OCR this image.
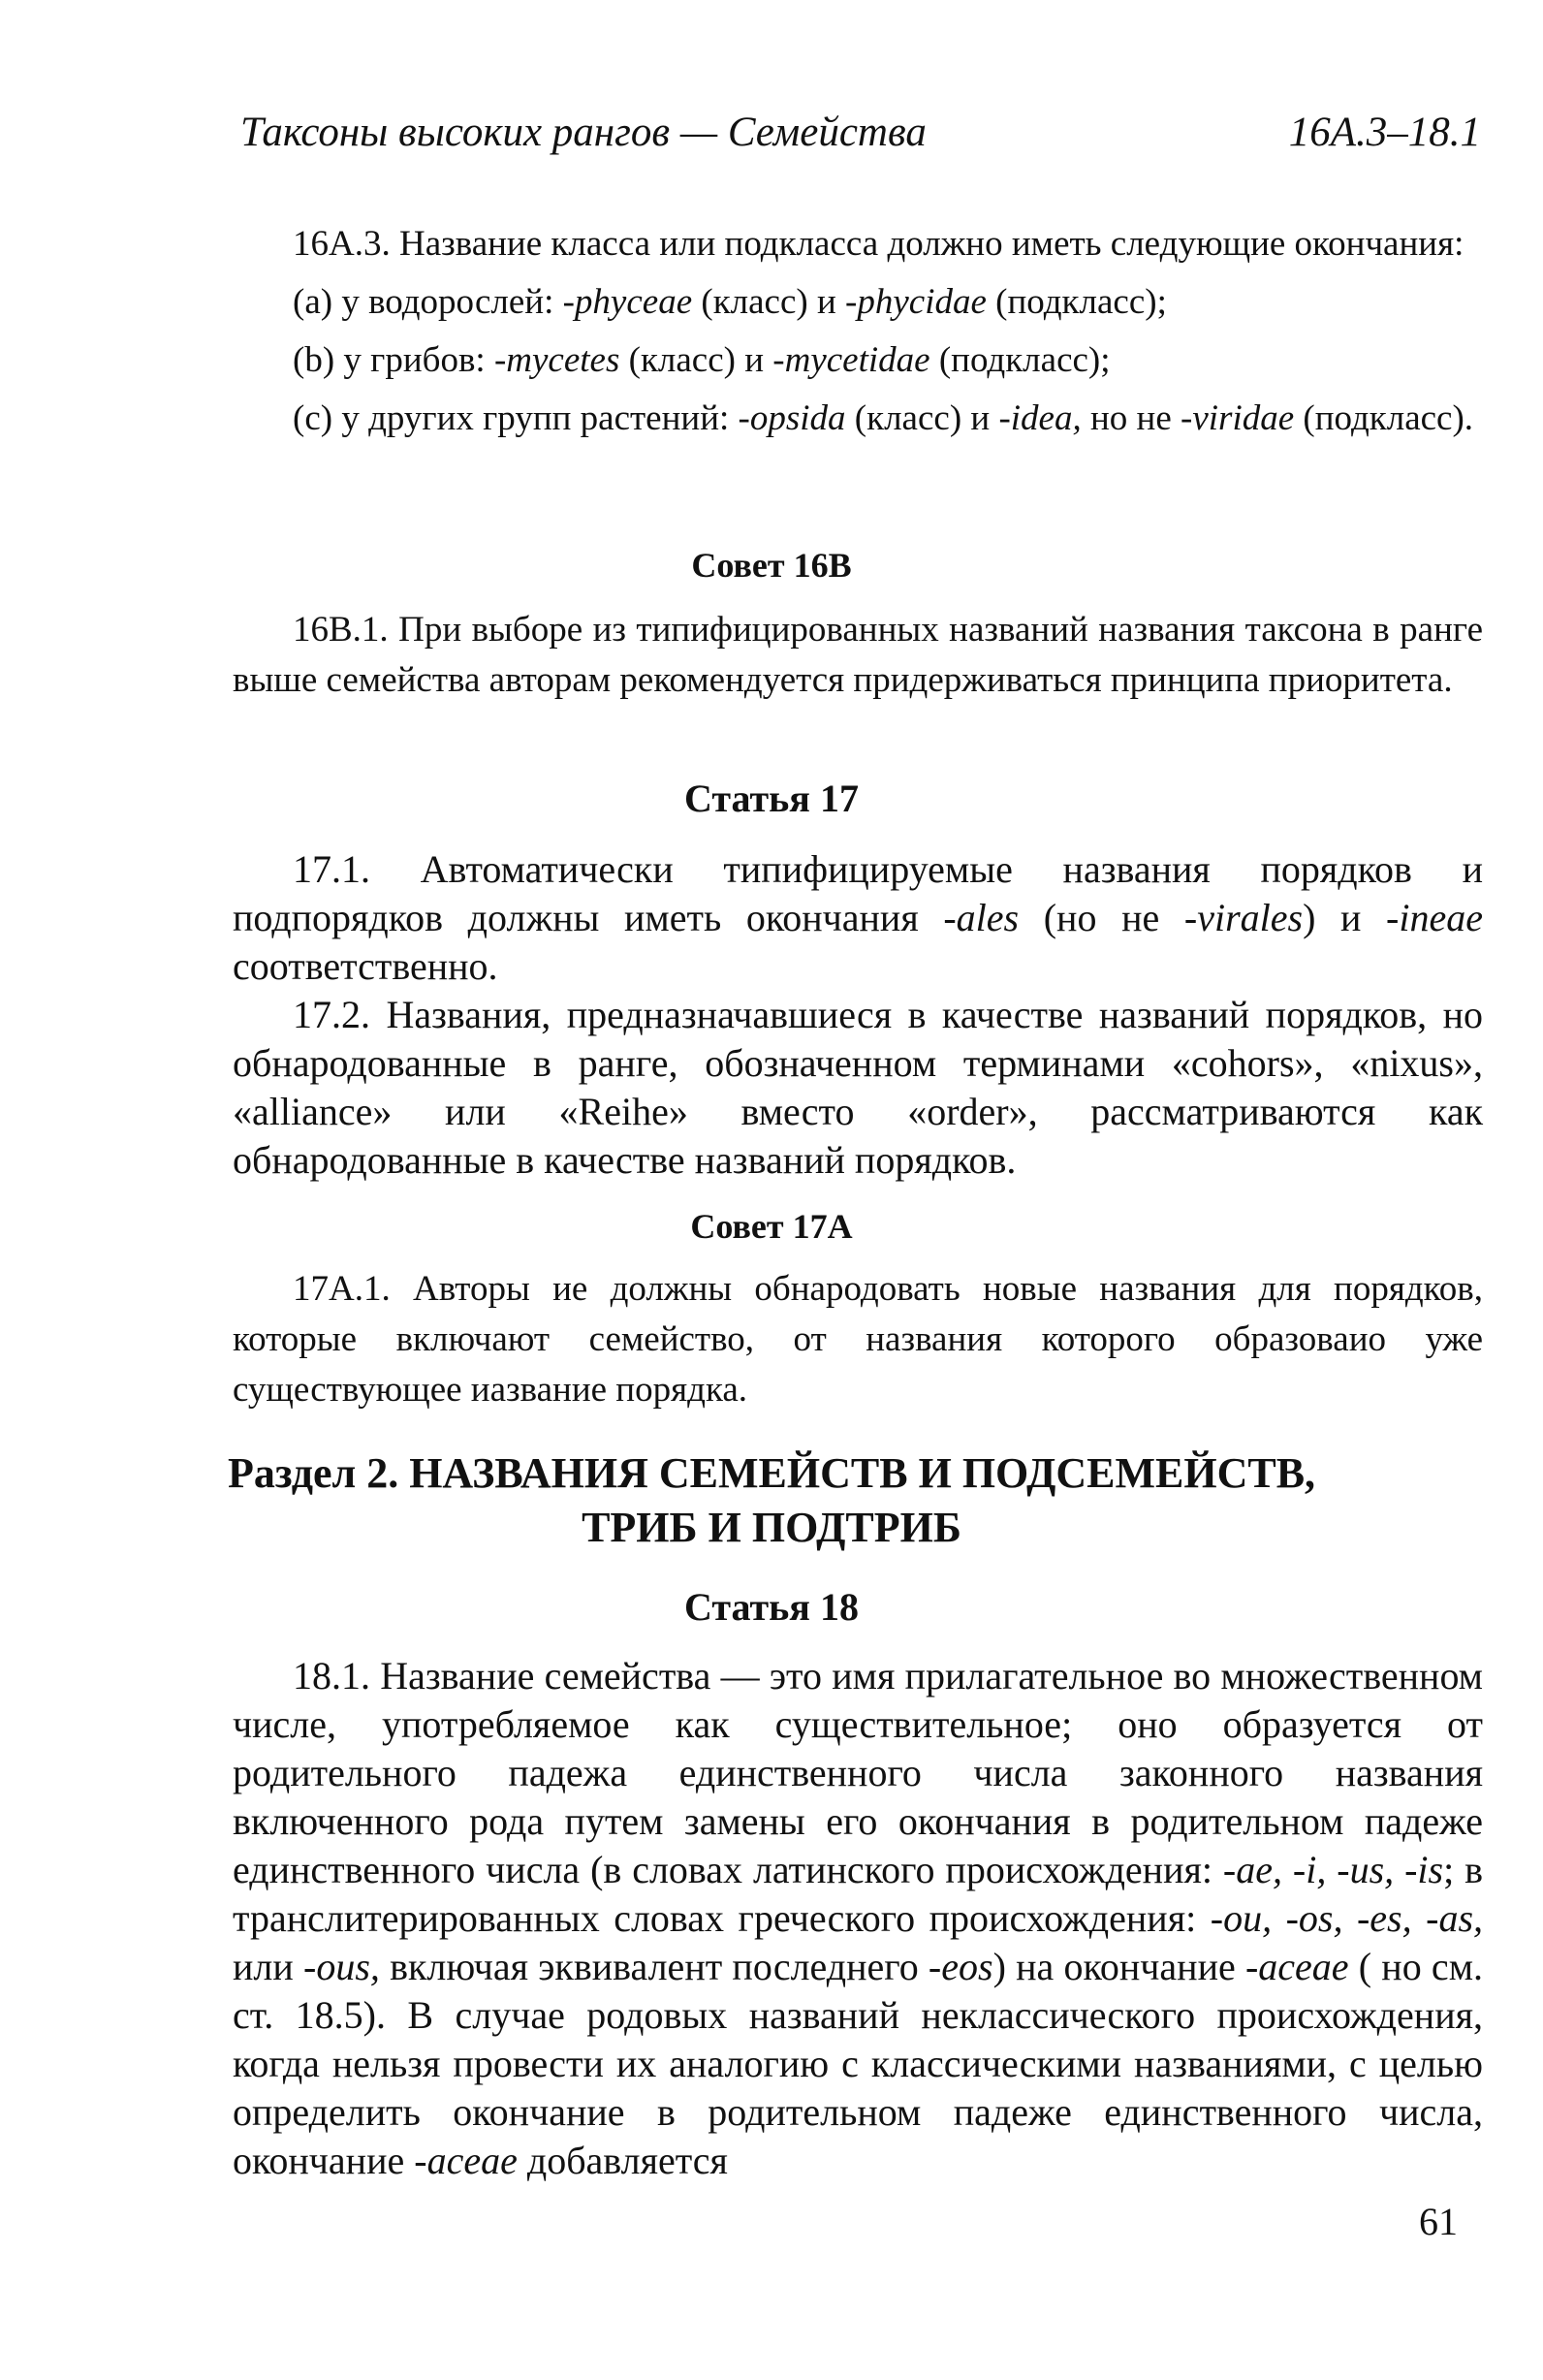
Таксоны высоких рангов — Семейства	16A.3–18.1

16A.3. Название класса или подкласса должно иметь следующие окончания:

(a) у водорослей: -phyceae (класс) и -phycidae (подкласс);

(b) у грибов: -mycetes (класс) и -mycetidae (подкласс);

(c) у других групп растений: -opsida (класс) и -idea, но не -viridae (подкласс).

Совет 16B

16B.1. При выборе из типифицированных названий названия таксона в ранге выше семейства авторам рекомендуется придерживаться принципа приоритета.

Статья 17

17.1. Автоматически типифицируемые названия порядков и подпорядков должны иметь окончания -ales (но не -virales) и -ineae соответственно.

17.2. Названия, предназначавшиеся в качестве названий порядков, но обнародованные в ранге, обозначенном терминами «cohors», «nixus», «alliance» или «Reihe» вместо «order», рассматриваются как обнародованные в качестве названий порядков.

Совет 17A

17A.1. Авторы ие должны обнародовать новые названия для порядков, которые включают семейство, от названия которого образоваио уже существующее иазвание порядка.

Раздел 2. НАЗВАНИЯ СЕМЕЙСТВ И ПОДСЕМЕЙСТВ,
ТРИБ И ПОДТРИБ
Статья 18

18.1. Название семейства — это имя прилагательное во множественном числе, употребляемое как существительное; оно образуется от родительного падежа единственного числа законного названия включенного рода путем замены его окончания в родительном падеже единственного числа (в словах латинского происхождения: -ae, -i, -us, -is; в транслитерированных словах греческого происхождения: -ou, -os, -es, -as, или -ous, включая эквивалент последнего -eos) на окончание -aceae ( но см. ст. 18.5). В случае родовых названий неклассического происхождения, когда нельзя провести их аналогию с классическими названиями, с целью определить окончание в родительном падеже единственного числа, окончание -aceae добавляется

61
